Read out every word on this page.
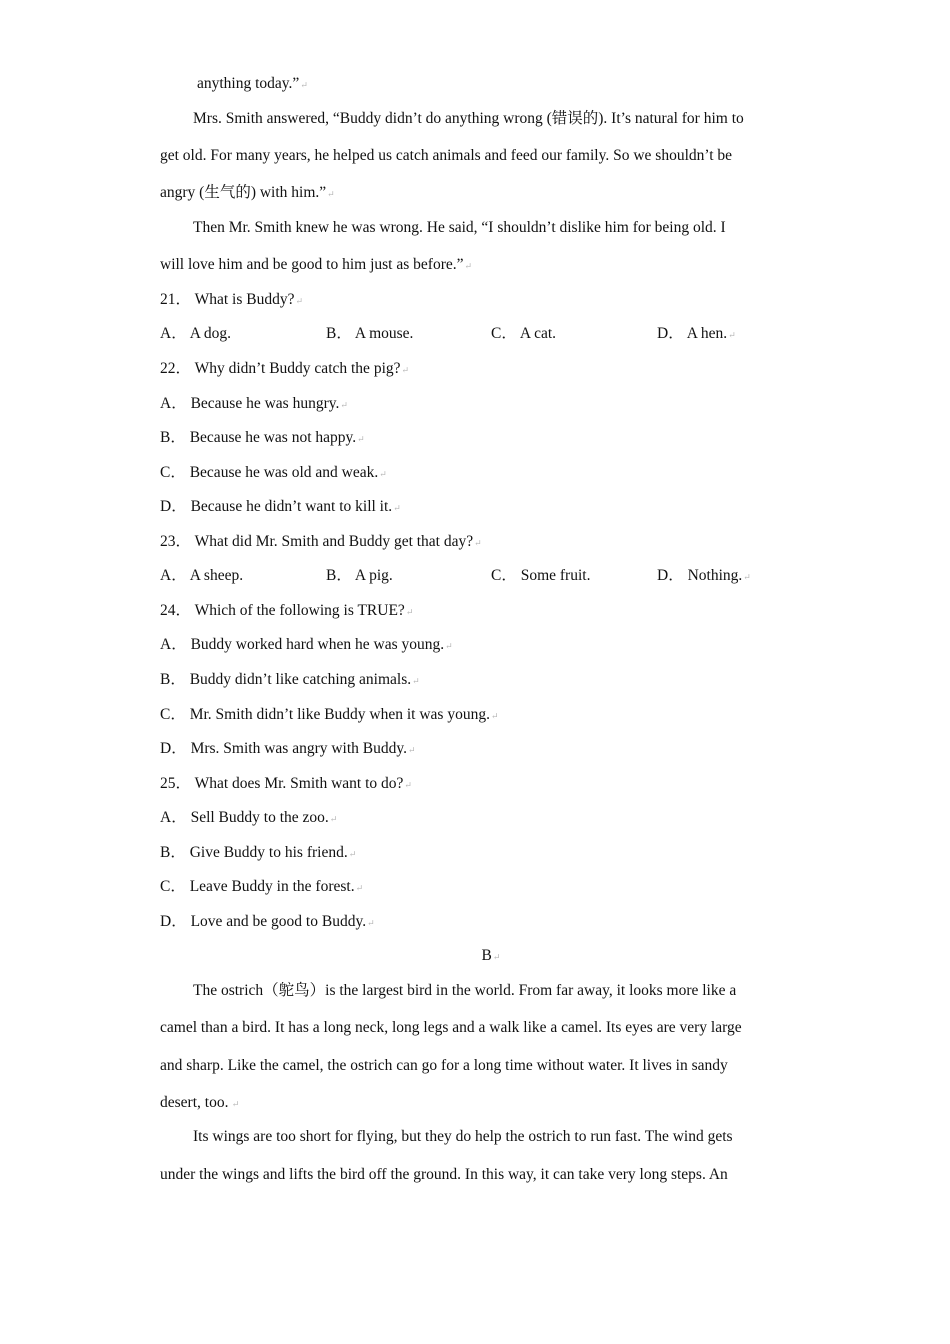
anything today.”↵
Mrs. Smith answered, “Buddy didn’t do anything wrong (错误的). It’s natural for him to
get old. For many years, he helped us catch animals and feed our family. So we shouldn’t be
angry (生气的) with him.”↵
Then Mr. Smith knew he was wrong. He said, “I shouldn’t dislike him for being old. I
will love him and be good to him just as before.”↵
21． What is Buddy?↵
A． A dog.	B． A mouse.	C． A cat.	D． A hen.↵
22． Why didn’t Buddy catch the pig?↵
A． Because he was hungry.↵
B． Because he was not happy.↵
C． Because he was old and weak.↵
D． Because he didn’t want to kill it.↵
23． What did Mr. Smith and Buddy get that day?↵
A． A sheep.	B． A pig.	C． Some fruit.	D． Nothing.↵
24． Which of the following is TRUE?↵
A． Buddy worked hard when he was young.↵
B． Buddy didn’t like catching animals.↵
C． Mr. Smith didn’t like Buddy when it was young.↵
D． Mrs. Smith was angry with Buddy.↵
25． What does Mr. Smith want to do?↵
A． Sell Buddy to the zoo.↵
B． Give Buddy to his friend.↵
C． Leave Buddy in the forest.↵
D． Love and be good to Buddy.↵
B↵
The ostrich（鸵鸟）is the largest bird in the world. From far away, it looks more like a
camel than a bird. It has a long neck, long legs and a walk like a camel. Its eyes are very large
and sharp. Like the camel, the ostrich can go for a long time without water. It lives in sandy
desert, too. ↵
Its wings are too short for flying, but they do help the ostrich to run fast. The wind gets
under the wings and lifts the bird off the ground. In this way, it can take very long steps. An
